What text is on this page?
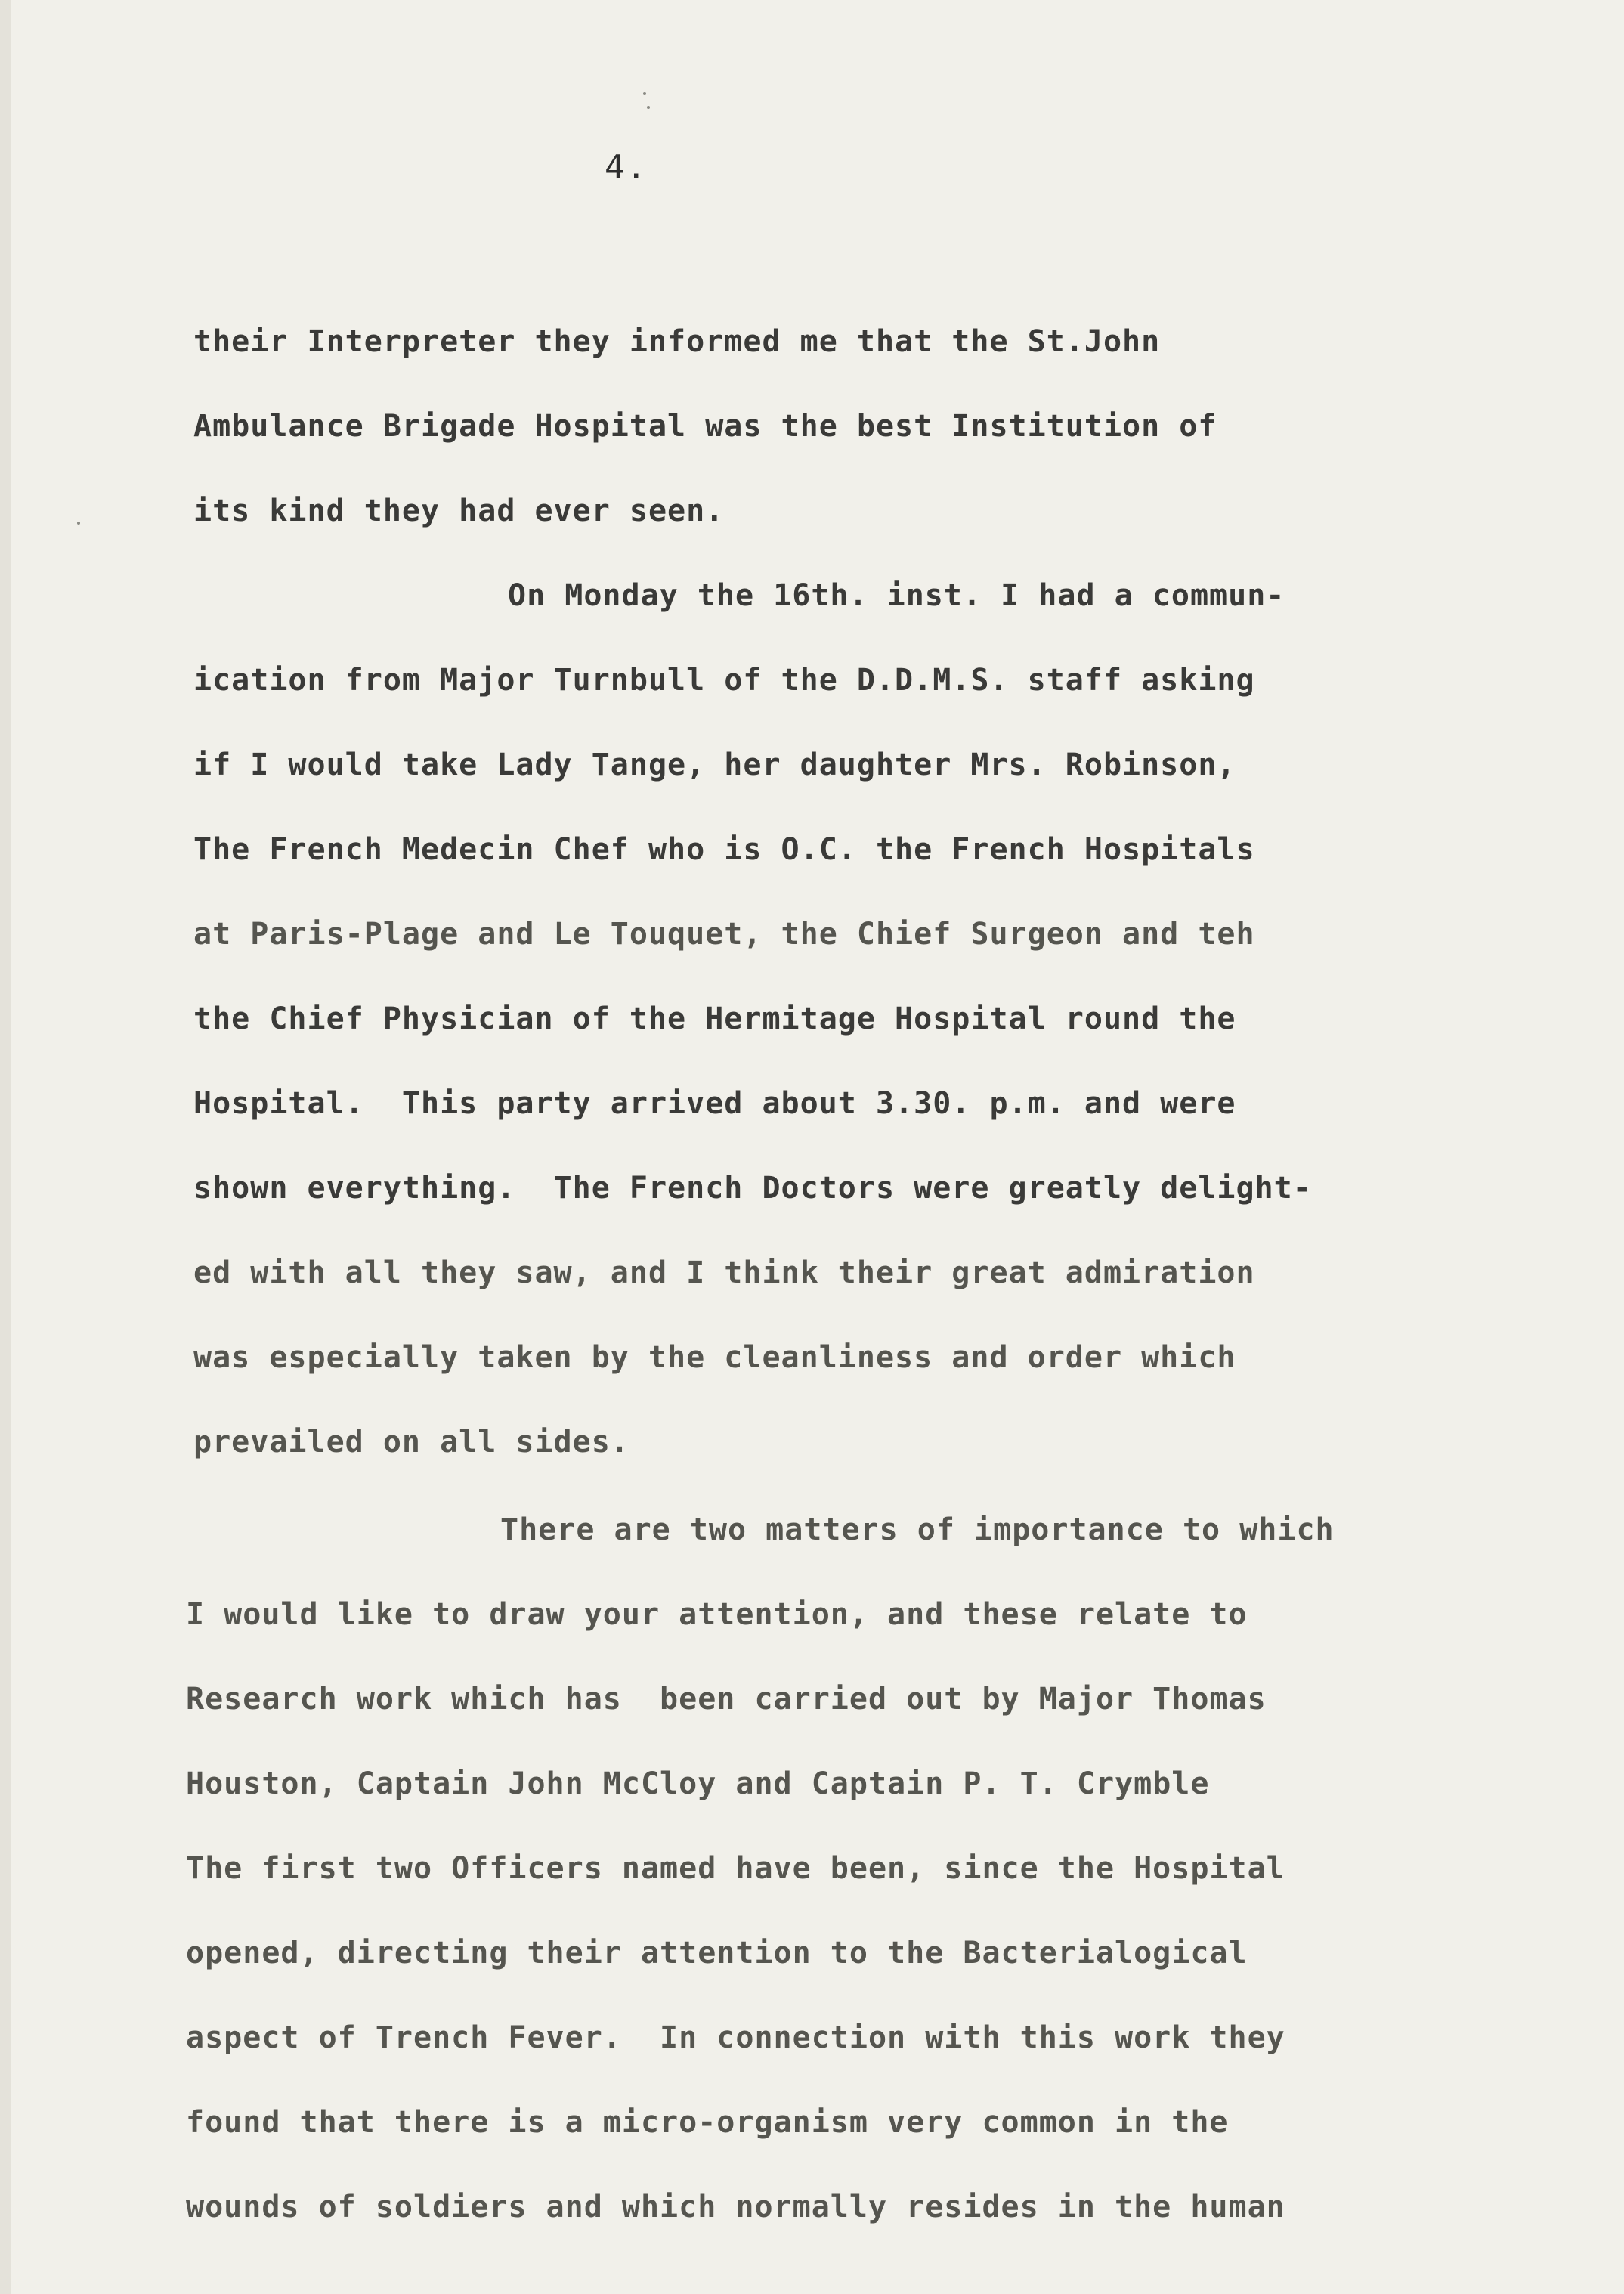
4.
their Interpreter they informed me that the St.John
Ambulance Brigade Hospital was the best Institution of
its kind they had ever seen.
On Monday the 16th. inst. I had a commun-
ication from Major Turnbull of the D.D.M.S. staff asking
if I would take Lady Tange, her daughter Mrs. Robinson,
The French Medecin Chef who is O.C. the French Hospitals
at Paris-Plage and Le Touquet, the Chief Surgeon and teh
the Chief Physician of the Hermitage Hospital round the
Hospital.  This party arrived about 3.30. p.m. and were
shown everything.  The French Doctors were greatly delight-
ed with all they saw, and I think their great admiration
was especially taken by the cleanliness and order which
prevailed on all sides.
There are two matters of importance to which
I would like to draw your attention, and these relate to
Research work which has  been carried out by Major Thomas
Houston, Captain John McCloy and Captain P. T. Crymble
The first two Officers named have been, since the Hospital
opened, directing their attention to the Bacterialogical
aspect of Trench Fever.  In connection with this work they
found that there is a micro-organism very common in the
wounds of soldiers and which normally resides in the human
